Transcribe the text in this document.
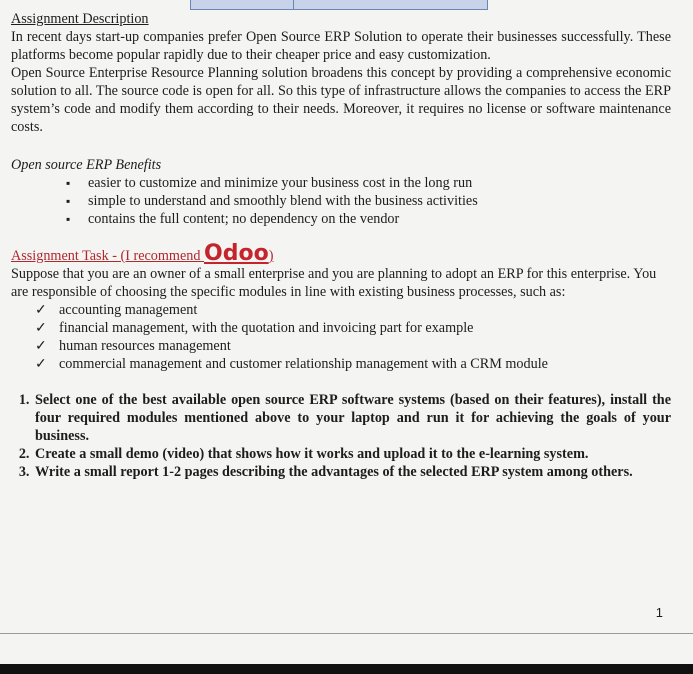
Assignment Description
In recent days start-up companies prefer Open Source ERP Solution to operate their businesses successfully. These platforms become popular rapidly due to their cheaper price and easy customization.
Open Source Enterprise Resource Planning solution broadens this concept by providing a comprehensive economic solution to all. The source code is open for all. So this type of infrastructure allows the companies to access the ERP system’s code and modify them according to their needs. Moreover, it requires no license or software maintenance costs.
Open source ERP Benefits
▪ easier to customize and minimize your business cost in the long run
▪ simple to understand and smoothly blend with the business activities
▪ contains the full content; no dependency on the vendor
Assignment Task - (I recommend Odoo)
Suppose that you are an owner of a small enterprise and you are planning to adopt an ERP for this enterprise. You are responsible of choosing the specific modules in line with existing business processes, such as:
✓ accounting management
✓ financial management, with the quotation and invoicing part for example
✓ human resources management
✓ commercial management and customer relationship management with a CRM module
1. Select one of the best available open source ERP software systems (based on their features), install the four required modules mentioned above to your laptop and run it for achieving the goals of your business.
2. Create a small demo (video) that shows how it works and upload it to the e-learning system.
3. Write a small report 1-2 pages describing the advantages of the selected ERP system among others.
1
